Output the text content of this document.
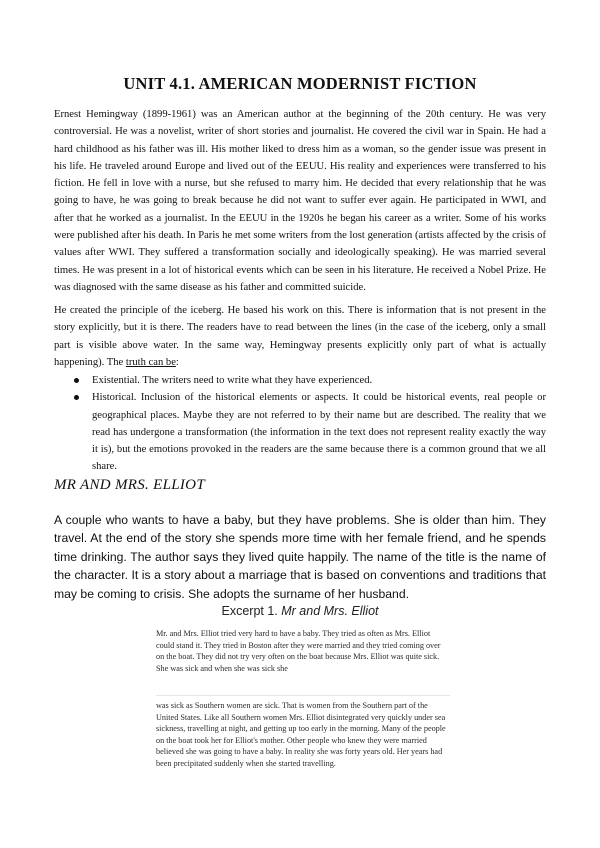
UNIT 4.1. AMERICAN MODERNIST FICTION

Ernest Hemingway (1899-1961) was an American author at the beginning of the 20th century. He was very controversial. He was a novelist, writer of short stories and journalist. He covered the civil war in Spain. He had a hard childhood as his father was ill. His mother liked to dress him as a woman, so the gender issue was present in his life. He traveled around Europe and lived out of the EEUU. His reality and experiences were transferred to his fiction. He fell in love with a nurse, but she refused to marry him. He decided that every relationship that he was going to have, he was going to break because he did not want to suffer ever again. He participated in WWI, and after that he worked as a journalist. In the EEUU in the 1920s he began his career as a writer. Some of his works were published after his death. In Paris he met some writers from the lost generation (artists affected by the crisis of values after WWI. They suffered a transformation socially and ideologically speaking). He was married several times. He was present in a lot of historical events which can be seen in his literature. He received a Nobel Prize. He was diagnosed with the same disease as his father and committed suicide.

He created the principle of the iceberg. He based his work on this. There is information that is not present in the story explicitly, but it is there. The readers have to read between the lines (in the case of the iceberg, only a small part is visible above water. In the same way, Hemingway presents explicitly only part of what is actually happening). The truth can be:

Existential. The writers need to write what they have experienced.
Historical. Inclusion of the historical elements or aspects. It could be historical events, real people or geographical places. Maybe they are not referred to by their name but are described. The reality that we read has undergone a transformation (the information in the text does not represent reality exactly the way it is), but the emotions provoked in the readers are the same because there is a common ground that we all share.
MR AND MRS. ELLIOT

A couple who wants to have a baby, but they have problems. She is older than him. They travel. At the end of the story she spends more time with her female friend, and he spends time drinking. The author says they lived quite happily. The name of the title is the name of the character. It is a story about a marriage that is based on conventions and traditions that may be coming to crisis. She adopts the surname of her husband.

Excerpt 1. Mr and Mrs. Elliot
Mr. and Mrs. Elliot tried very hard to have a baby. They tried as often as Mrs. Elliot could stand it. They tried in Boston after they were married and they tried coming over on the boat. They did not try very often on the boat because Mrs. Elliot was quite sick. She was sick and when she was sick she
was sick as Southern women are sick. That is women from the Southern part of the United States. Like all Southern women Mrs. Elliot disintegrated very quickly under sea sickness, travelling at night, and getting up too early in the morning. Many of the people on the boat took her for Elliot's mother. Other people who knew they were married believed she was going to have a baby. In reality she was forty years old. Her years had been precipitated suddenly when she started travelling.
